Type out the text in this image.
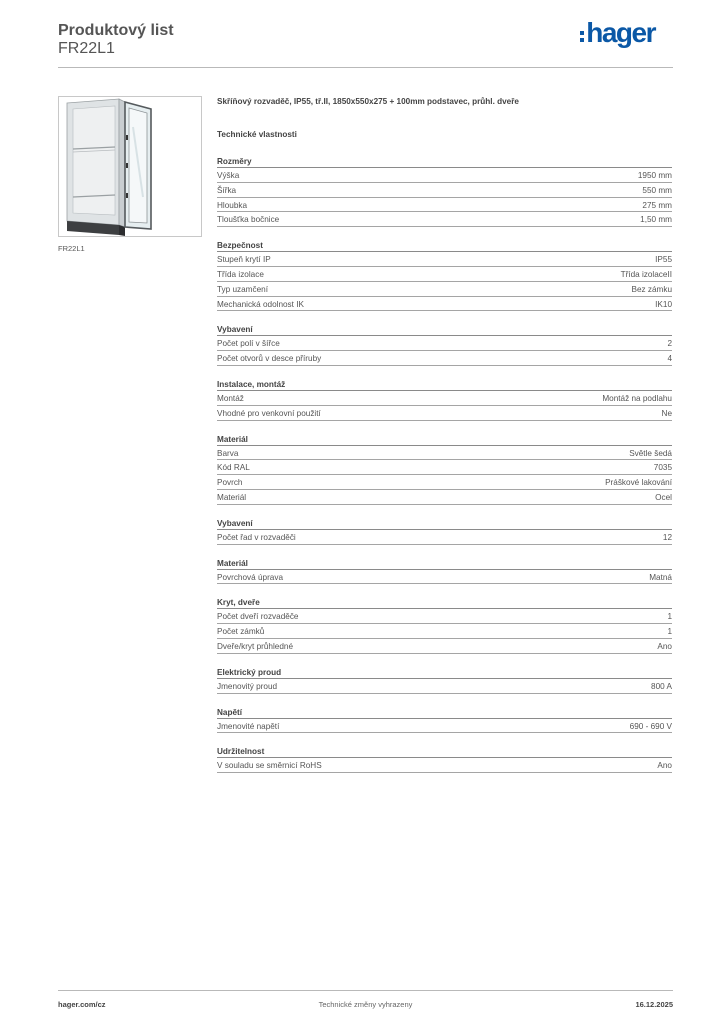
Produktový list
FR22L1
hager
FR22L1
Skříňový rozvaděč, IP55, tř.II, 1850x550x275 + 100mm podstavec, průhl. dveře
Technické vlastnosti
Rozměry
Výška	1950 mm
Šířka	550 mm
Hloubka	275 mm
Tloušťka bočnice	1,50 mm
Bezpečnost
Stupeň krytí IP	IP55
Třída izolace	Třída izolaceII
Typ uzamčení	Bez zámku
Mechanická odolnost IK	IK10
Vybavení
Počet polí v šířce	2
Počet otvorů v desce příruby	4
Instalace, montáž
Montáž	Montáž na podlahu
Vhodné pro venkovní použití	Ne
Materiál
Barva	Světle šedá
Kód RAL	7035
Povrch	Práškové lakování
Materiál	Ocel
Vybavení
Počet řad v rozvaděči	12
Materiál
Povrchová úprava	Matná
Kryt, dveře
Počet dveří rozvaděče	1
Počet zámků	1
Dveře/kryt průhledné	Ano
Elektrický proud
Jmenovitý proud	800 A
Napětí
Jmenovité napětí	690 - 690 V
Udržitelnost
V souladu se směrnicí RoHS	Ano
hager.com/cz	Technické změny vyhrazeny	16.12.2025
